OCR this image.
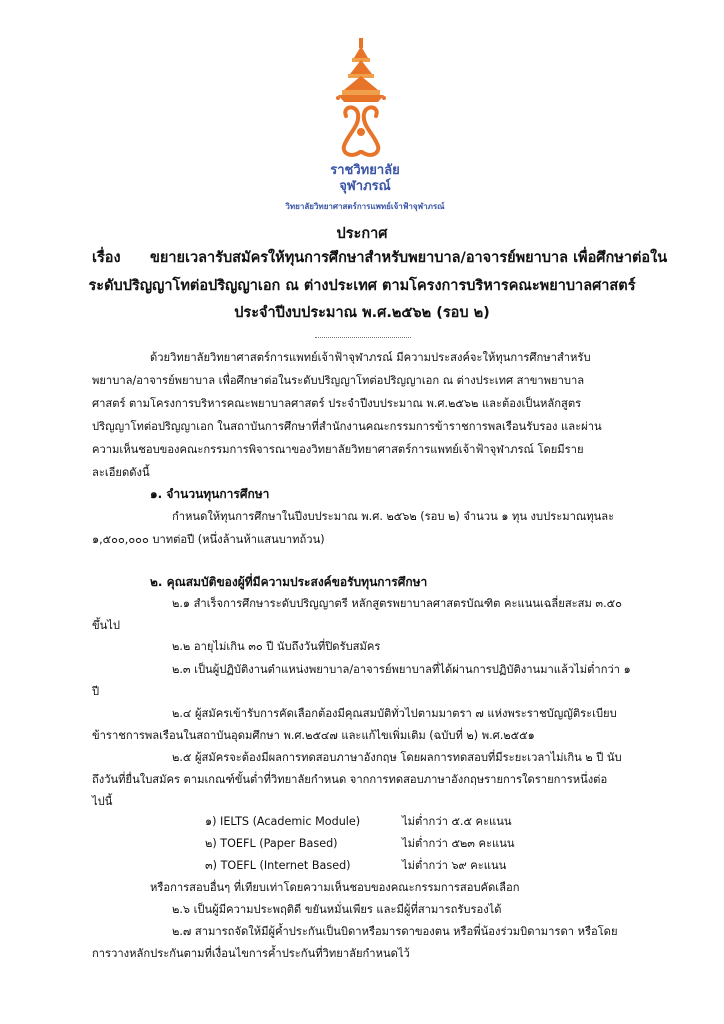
ราชวิทยาลัย
จุฬาภรณ์
วิทยาลัยวิทยาศาสตร์การแพทย์เจ้าฟ้าจุฬาภรณ์
ประกาศ
เรื่อง ขยายเวลารับสมัครให้ทุนการศึกษาสำหรับพยาบาล/อาจารย์พยาบาล เพื่อศึกษาต่อใน
ระดับปริญญาโทต่อปริญญาเอก ณ ต่างประเทศ ตามโครงการบริหารคณะพยาบาลศาสตร์
ประจำปีงบประมาณ พ.ศ.๒๕๖๒ (รอบ ๒)
ด้วยวิทยาลัยวิทยาศาสตร์การแพทย์เจ้าฟ้าจุฬาภรณ์ มีความประสงค์จะให้ทุนการศึกษาสำหรับ
พยาบาล/อาจารย์พยาบาล เพื่อศึกษาต่อในระดับปริญญาโทต่อปริญญาเอก ณ ต่างประเทศ สาขาพยาบาล
ศาสตร์ ตามโครงการบริหารคณะพยาบาลศาสตร์ ประจำปีงบประมาณ พ.ศ.๒๕๖๒ และต้องเป็นหลักสูตร
ปริญญาโทต่อปริญญาเอก ในสถาบันการศึกษาที่สำนักงานคณะกรรมการข้าราชการพลเรือนรับรอง และผ่าน
ความเห็นชอบของคณะกรรมการพิจารณาของวิทยาลัยวิทยาศาสตร์การแพทย์เจ้าฟ้าจุฬาภรณ์ โดยมีราย
ละเอียดดังนี้
๑. จำนวนทุนการศึกษา
กำหนดให้ทุนการศึกษาในปีงบประมาณ พ.ศ. ๒๕๖๒ (รอบ ๒) จำนวน ๑ ทุน งบประมาณทุนละ
๑,๕๐๐,๐๐๐ บาทต่อปี (หนึ่งล้านห้าแสนบาทถ้วน)
๒. คุณสมบัติของผู้ที่มีความประสงค์ขอรับทุนการศึกษา
๒.๑ สำเร็จการศึกษาระดับปริญญาตรี หลักสูตรพยาบาลศาสตรบัณฑิต คะแนนเฉลี่ยสะสม ๓.๕๐
ขึ้นไป
๒.๒ อายุไม่เกิน ๓๐ ปี นับถึงวันที่ปิดรับสมัคร
๒.๓ เป็นผู้ปฏิบัติงานตำแหน่งพยาบาล/อาจารย์พยาบาลที่ได้ผ่านการปฏิบัติงานมาแล้วไม่ต่ำกว่า ๑
ปี
๒.๔ ผู้สมัครเข้ารับการคัดเลือกต้องมีคุณสมบัติทั่วไปตามมาตรา ๗ แห่งพระราชบัญญัติระเบียบ
ข้าราชการพลเรือนในสถาบันอุดมศึกษา พ.ศ.๒๕๔๗ และแก้ไขเพิ่มเติม (ฉบับที่ ๒) พ.ศ.๒๕๕๑
๒.๕ ผู้สมัครจะต้องมีผลการทดสอบภาษาอังกฤษ โดยผลการทดสอบที่มีระยะเวลาไม่เกิน ๒ ปี นับ
ถึงวันที่ยื่นใบสมัคร ตามเกณฑ์ขั้นต่ำที่วิทยาลัยกำหนด จากการทดสอบภาษาอังกฤษรายการใดรายการหนึ่งต่อ
ไปนี้
๑) IELTS (Academic Module)	ไม่ต่ำกว่า ๕.๕ คะแนน
๒) TOEFL (Paper Based)	ไม่ต่ำกว่า ๕๒๓ คะแนน
๓) TOEFL (Internet Based)	ไม่ต่ำกว่า ๖๙ คะแนน
หรือการสอบอื่นๆ ที่เทียบเท่าโดยความเห็นชอบของคณะกรรมการสอบคัดเลือก
๒.๖ เป็นผู้มีความประพฤติดี ขยันหมั่นเพียร และมีผู้ที่สามารถรับรองได้
๒.๗ สามารถจัดให้มีผู้ค้ำประกันเป็นบิดาหรือมารดาของตน หรือพี่น้องร่วมบิดามารดา หรือโดย
การวางหลักประกันตามที่เงื่อนไขการค้ำประกันที่วิทยาลัยกำหนดไว้
